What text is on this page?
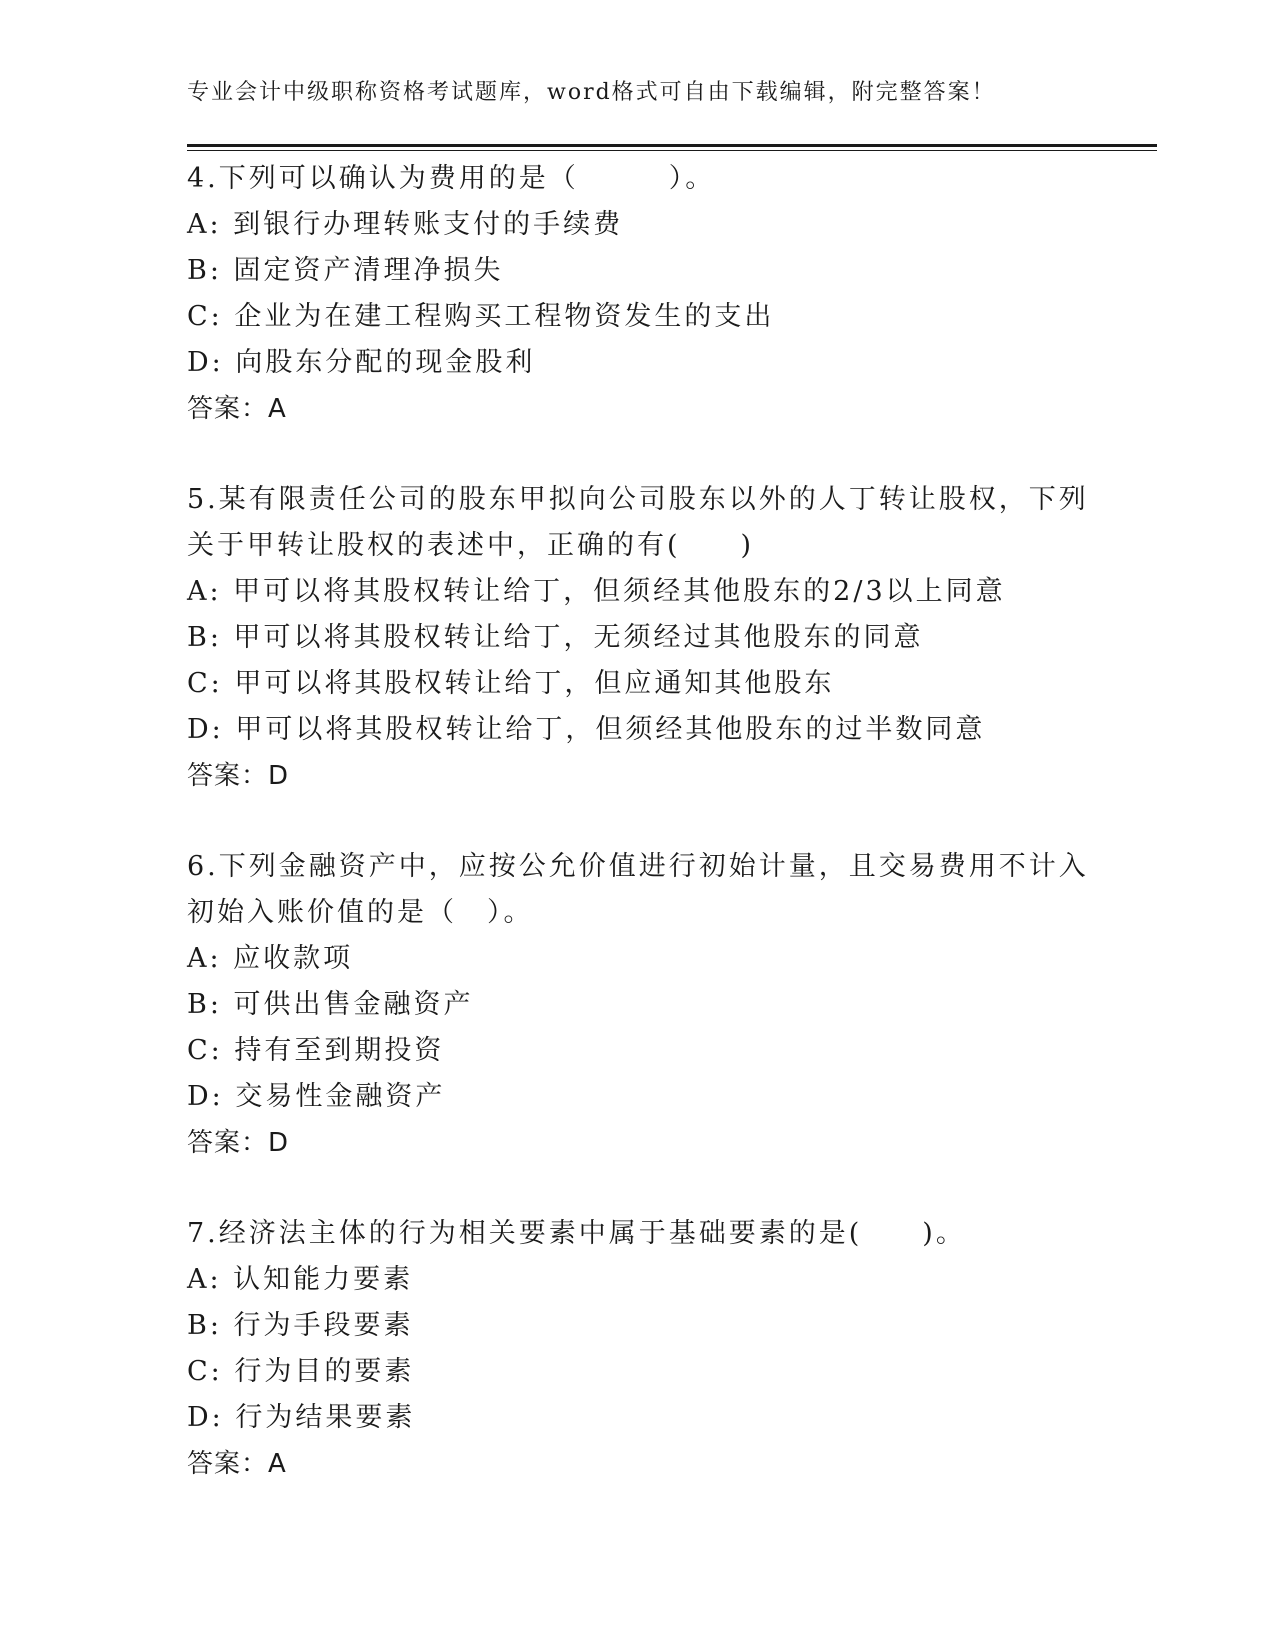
专业会计中级职称资格考试题库，word格式可自由下载编辑，附完整答案！
4.下列可以确认为费用的是（　　　）。
A: 到银行办理转账支付的手续费
B: 固定资产清理净损失
C: 企业为在建工程购买工程物资发生的支出
D: 向股东分配的现金股利
答案：A
5.某有限责任公司的股东甲拟向公司股东以外的人丁转让股权，下列
关于甲转让股权的表述中，正确的有(　　)
A: 甲可以将其股权转让给丁，但须经其他股东的2/3以上同意
B: 甲可以将其股权转让给丁，无须经过其他股东的同意
C: 甲可以将其股权转让给丁，但应通知其他股东
D: 甲可以将其股权转让给丁，但须经其他股东的过半数同意
答案：D
6.下列金融资产中，应按公允价值进行初始计量，且交易费用不计入
初始入账价值的是（　）。
A: 应收款项
B: 可供出售金融资产
C: 持有至到期投资
D: 交易性金融资产
答案：D
7.经济法主体的行为相关要素中属于基础要素的是(　　)。
A: 认知能力要素
B: 行为手段要素
C: 行为目的要素
D: 行为结果要素
答案：A
